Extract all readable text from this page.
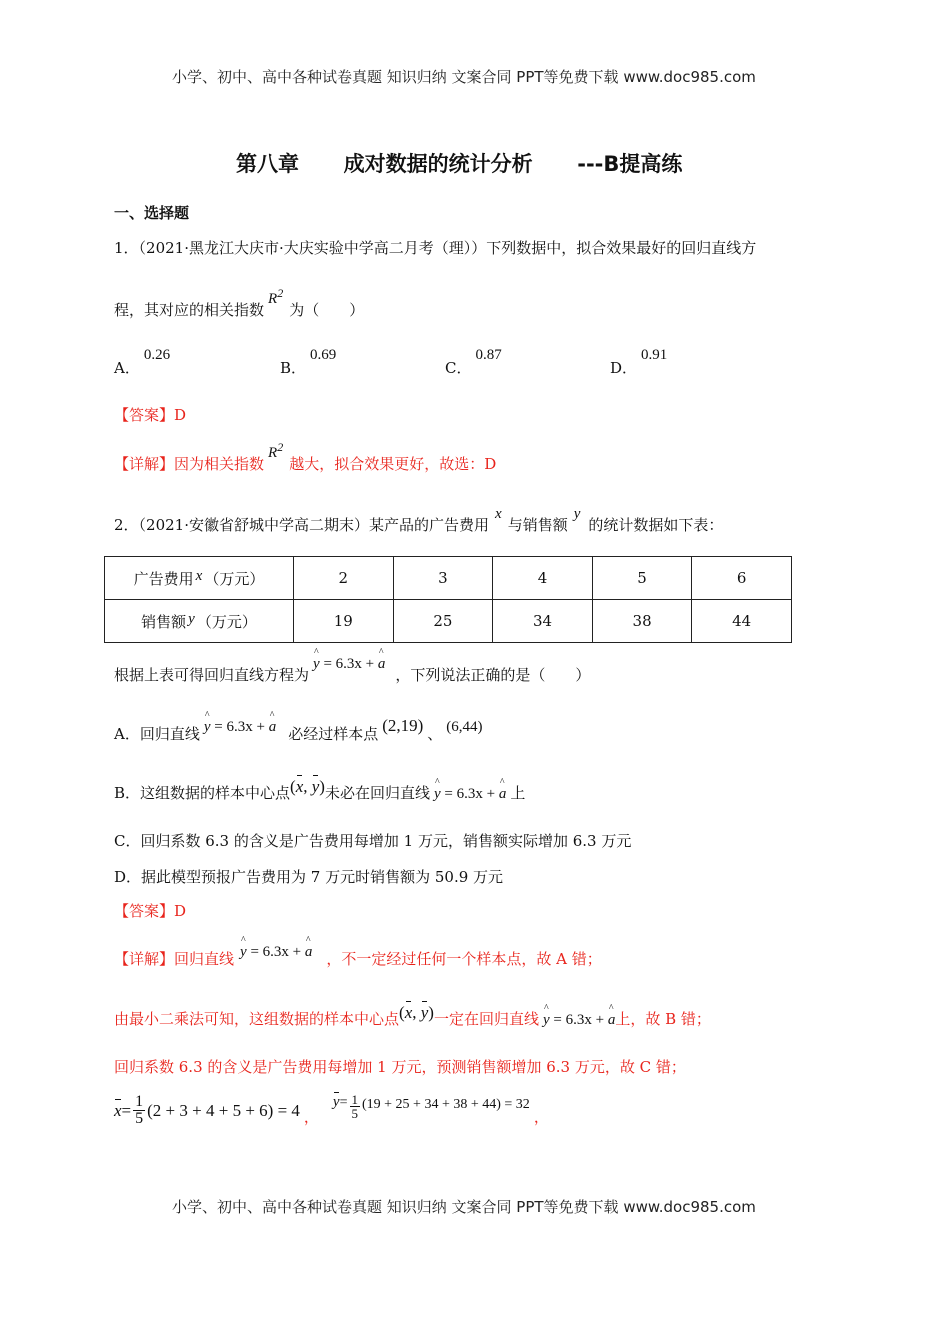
小学、初中、高中各种试卷真题 知识归纳 文案合同 PPT等免费下载 www.doc985.com
第八章 成对数据的统计分析 ---B提高练
一、选择题
1．（2021·黑龙江大庆市·大庆实验中学高二月考（理））下列数据中，拟合效果最好的回归直线方
程，其对应的相关指数$R^2$为（　　）
A．0.26
B．0.69
C．0.87
D．0.91
【答案】D
【详解】因为相关指数$R^2$越大，拟合效果更好，故选：D
2．（2021·安徽省舒城中学高二期末）某产品的广告费用x与销售额y的统计数据如下表：
广告费用 x （万元）	2	3	4	5	6
销售额 y （万元）	19	25	34	38	44
根据上表可得回归直线方程为^ y = 6.3x + ^ a，下列说法正确的是（　　）
A．回归直线 ^ y = 6.3x + ^ a 必经过样本点 (2,19) 、 (6,44)
B．这组数据的样本中心点(x, y)未必在回归直线 ^ y = 6.3x + ^ a 上
C．回归系数 6.3 的含义是广告费用每增加 1 万元，销售额实际增加 6.3 万元
D．据此模型预报广告费用为 7 万元时销售额为 50.9 万元
【答案】D
【详解】回归直线 ^ y = 6.3x + ^ a ，不一定经过任何一个样本点，故 A 错；
由最小二乘法可知，这组数据的样本中心点(x, y)一定在回归直线 ^ y = 6.3x + ^ a上，故 B 错；
回归系数 6.3 的含义是广告费用每增加 1 万元，预测销售额增加 6.3 万元，故 C 错；
$x = \frac{1}{5} (2 + 3 + 4 + 5 + 6) = 4$ ，
$y = \frac{1}{5} (19 + 25 + 34 + 38 + 44) = 32$
，
小学、初中、高中各种试卷真题 知识归纳 文案合同 PPT等免费下载 www.doc985.com
